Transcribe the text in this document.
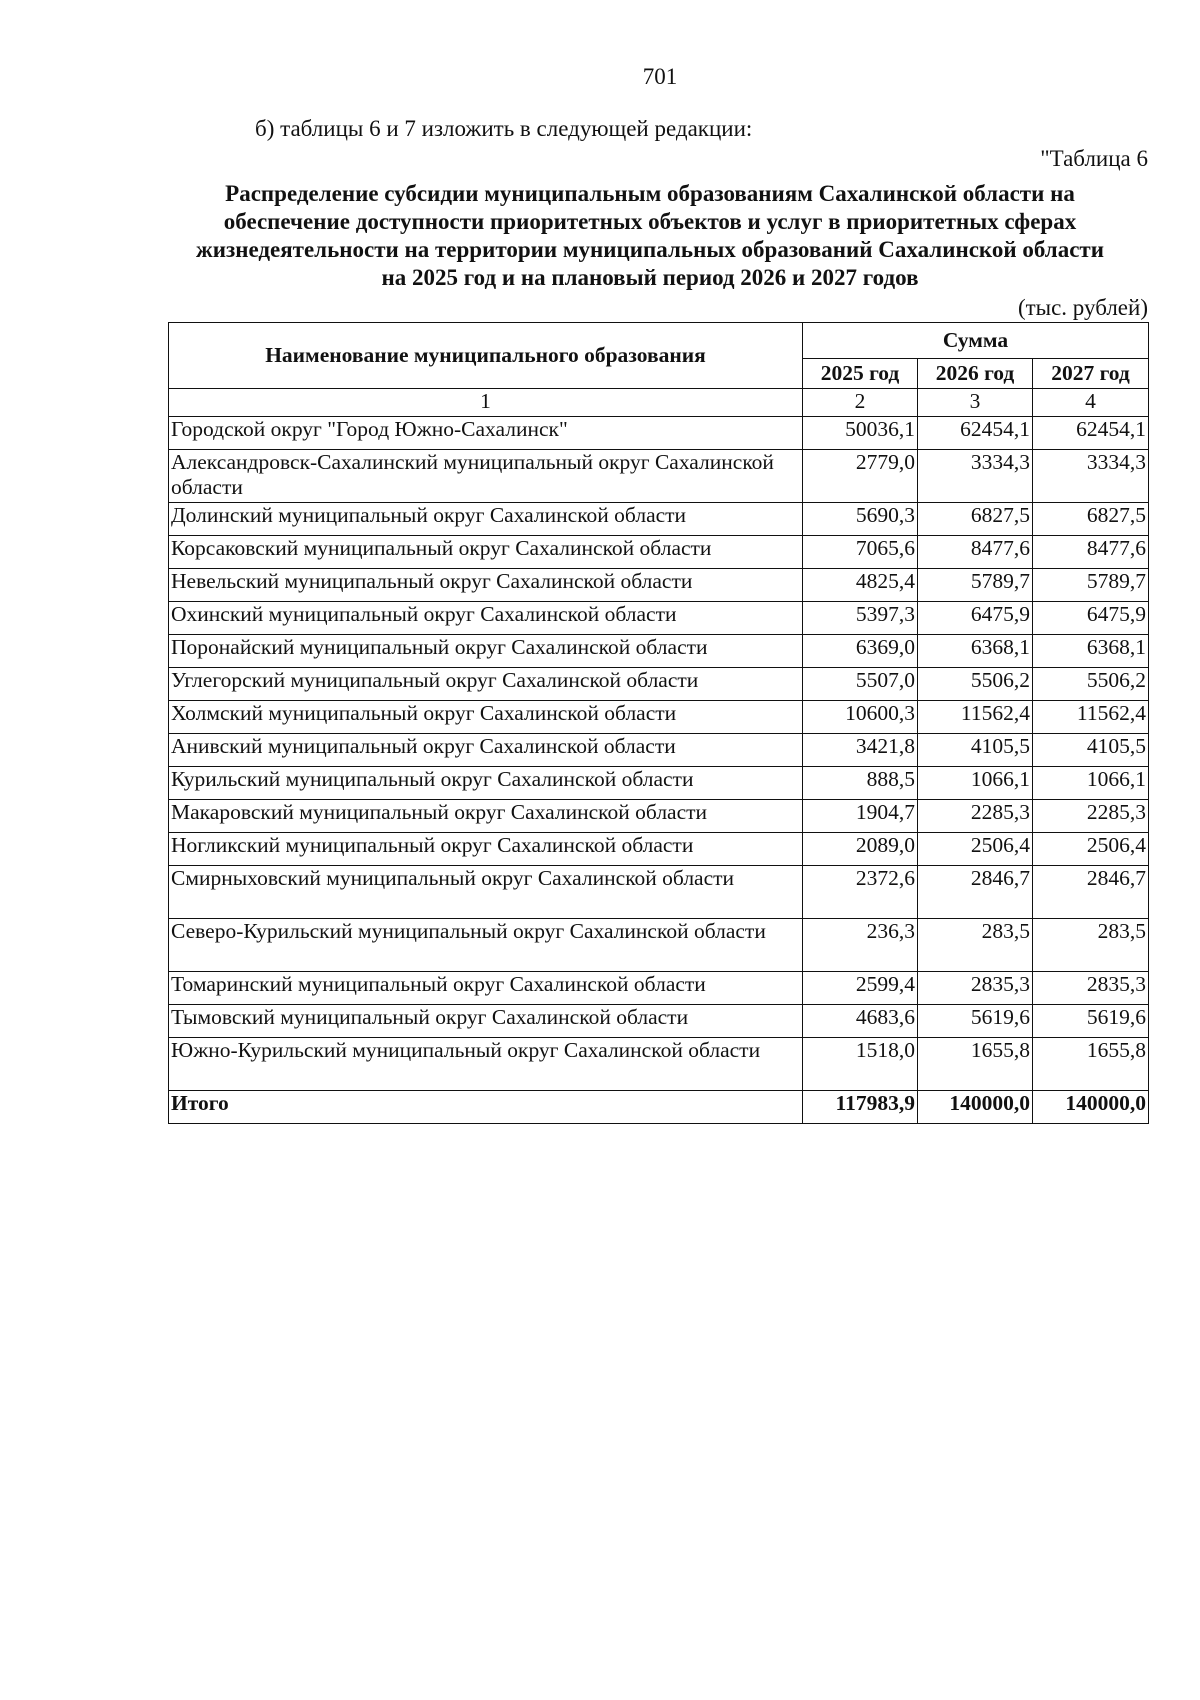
701
б) таблицы 6 и 7 изложить в следующей редакции:
"Таблица 6
Распределение субсидии муниципальным образованиям Сахалинской области на
обеспечение доступности приоритетных объектов и услуг в приоритетных сферах
жизнедеятельности на территории муниципальных образований Сахалинской области
на 2025 год и на плановый период 2026 и 2027 годов
(тыс. рублей)
Наименование муниципального образования	Сумма		
	2025 год	2026 год	2027 год
1	2	3	4
Городской округ "Город Южно-Сахалинск"	50036,1	62454,1	62454,1
Александровск-Сахалинский муниципальный округ Сахалинской области	2779,0	3334,3	3334,3
Долинский муниципальный округ Сахалинской области	5690,3	6827,5	6827,5
Корсаковский муниципальный округ Сахалинской области	7065,6	8477,6	8477,6
Невельский муниципальный округ Сахалинской области	4825,4	5789,7	5789,7
Охинский муниципальный округ Сахалинской области	5397,3	6475,9	6475,9
Поронайский муниципальный округ Сахалинской области	6369,0	6368,1	6368,1
Углегорский муниципальный округ Сахалинской области	5507,0	5506,2	5506,2
Холмский муниципальный округ Сахалинской области	10600,3	11562,4	11562,4
Анивский муниципальный округ Сахалинской области	3421,8	4105,5	4105,5
Курильский муниципальный округ Сахалинской области	888,5	1066,1	1066,1
Макаровский муниципальный округ Сахалинской области	1904,7	2285,3	2285,3
Ногликский муниципальный округ Сахалинской области	2089,0	2506,4	2506,4
Смирныховский муниципальный округ Сахалинской области	2372,6	2846,7	2846,7
Северо-Курильский муниципальный округ Сахалинской области	236,3	283,5	283,5
Томаринский муниципальный округ Сахалинской области	2599,4	2835,3	2835,3
Тымовский муниципальный округ Сахалинской области	4683,6	5619,6	5619,6
Южно-Курильский муниципальный округ Сахалинской области	1518,0	1655,8	1655,8
Итого	117983,9	140000,0	140000,0
